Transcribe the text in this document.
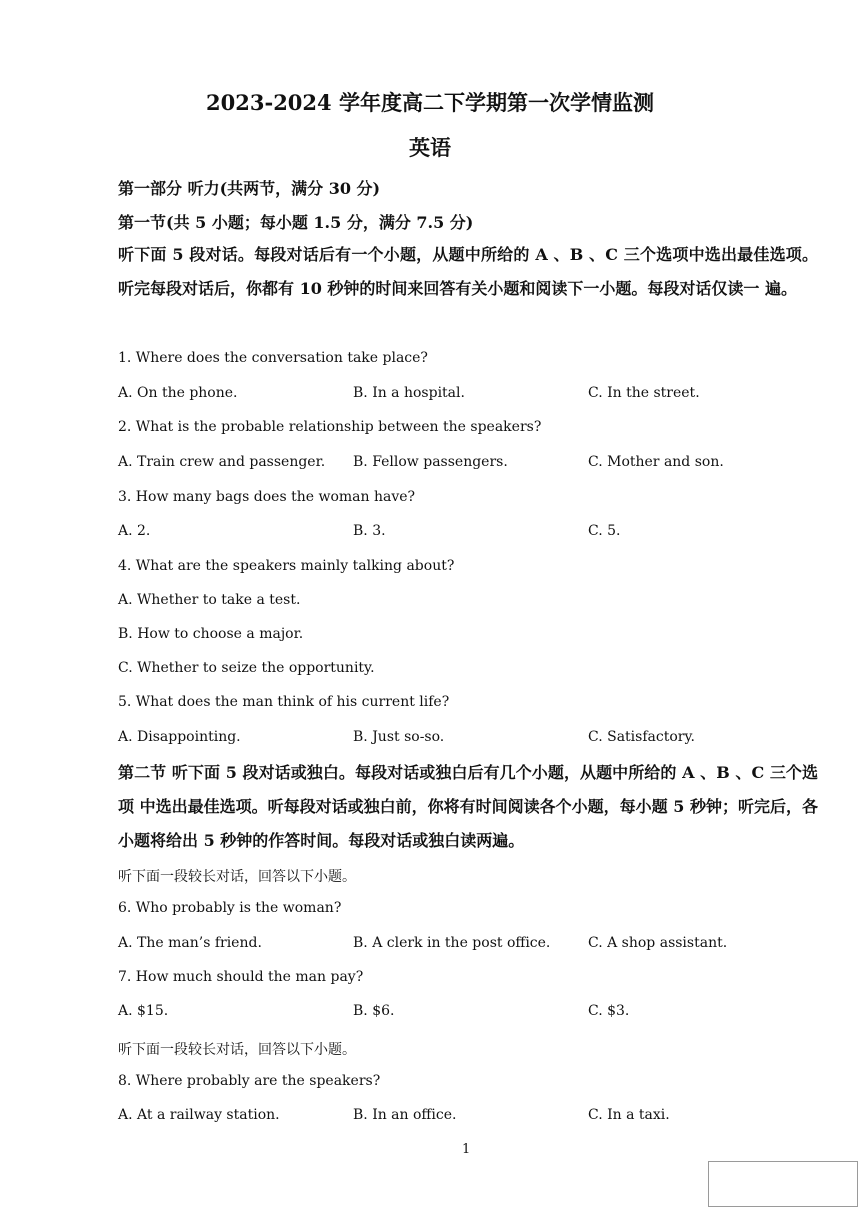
2023-2024 学年度高二下学期第一次学情监测
英语
第一部分 听力(共两节，满分 30 分)
第一节(共 5 小题；每小题 1.5 分，满分 7.5 分)
听下面 5 段对话。每段对话后有一个小题，从题中所给的 A 、B 、C 三个选项中选出最佳选项。听完每段对话后，你都有 10 秒钟的时间来回答有关小题和阅读下一小题。每段对话仅读一 遍。
1. Where does the conversation take place?
A. On the phone.	B. In a hospital.	C. In the street.
2. What is the probable relationship between the speakers?
A. Train crew and passenger. B. Fellow passengers.	C. Mother and son.
3. How many bags does the woman have?
A. 2.	B. 3.	C. 5.
4. What are the speakers mainly talking about?
A. Whether to take a test.
B. How to choose a major.
C. Whether to seize the opportunity.
5. What does the man think of his current life?
A. Disappointing.	B. Just so-so.	C. Satisfactory.
第二节 听下面 5 段对话或独白。每段对话或独白后有几个小题，从题中所给的 A 、B 、C 三个选项 中选出最佳选项。听每段对话或独白前，你将有时间阅读各个小题，每小题 5 秒钟；听完后，各小题将给出 5 秒钟的作答时间。每段对话或独白读两遍。
听下面一段较长对话，回答以下小题。
6. Who probably is the woman?
A. The man’s friend.	B. A clerk in the post office.	C. A shop assistant.
7. How much should the man pay?
A. $15.	B. $6.	C. $3.
听下面一段较长对话，回答以下小题。
8. Where probably are the speakers?
A. At a railway station.	B. In an office.	C. In a taxi.
1
